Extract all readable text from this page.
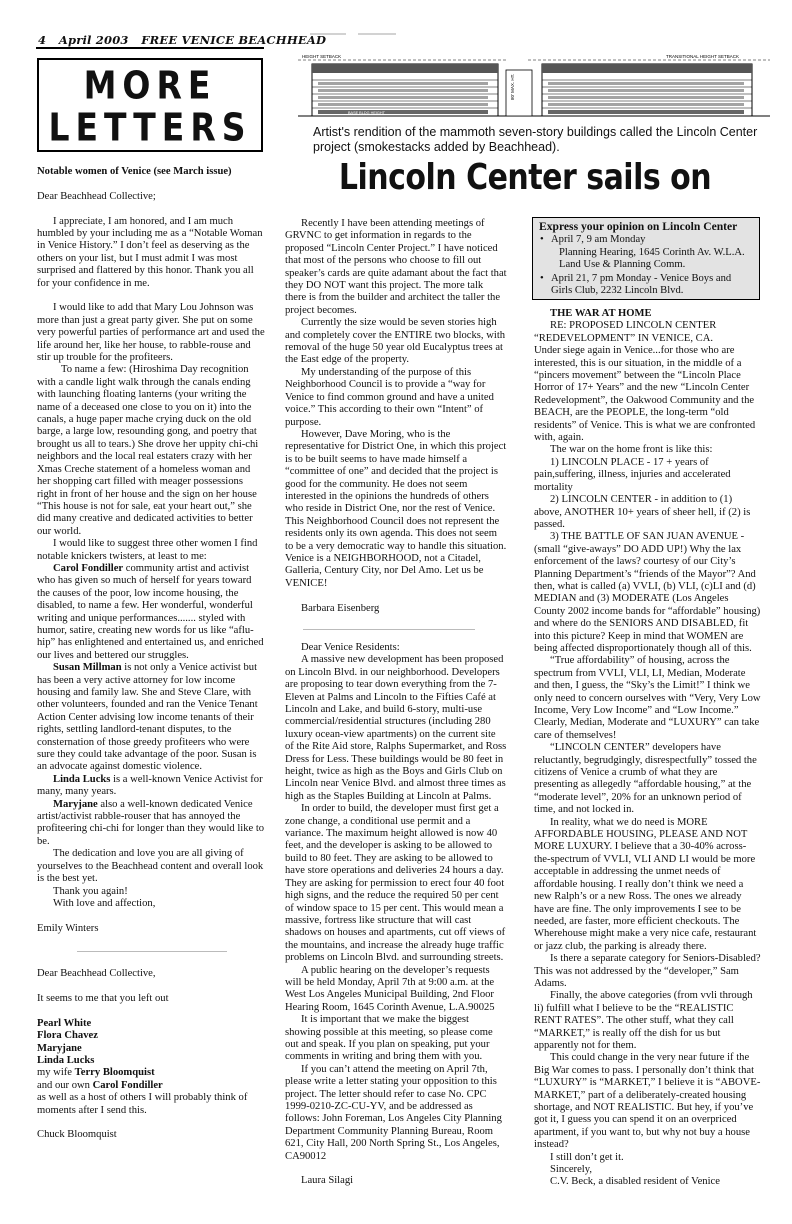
4 April 2003 FREE VENICE BEACHHEAD
MORE
LETTERS
80' MAX. HT.
HEIGHT SETBACK	TRANSITIONAL HEIGHT SETBACK
BASE BLDG HEIGHT
Artist's rendition of the mammoth seven-story buildings called the Lincoln Center project (smokestacks added by Beachhead).
Lincoln Center sails on

Notable women of Venice (see March issue)

Dear Beachhead Collective;

I appreciate, I am honored, and I am much humbled by your including me as a “Notable Woman in Venice History.” I don’t feel as deserving as the others on your list, but I must admit I was most surprised and flattered by this honor. Thank you all for your confidence in me.

I would like to add that Mary Lou Johnson was more than just a great party giver. She put on some very powerful parties of performance art and used the life around her, like her house, to rabble-rouse and stir up trouble for the profiteers.

To name a few: (Hiroshima Day recognition with a candle light walk through the canals ending with launching floating lanterns (your writing the name of a deceased one close to you on it) into the canals, a huge paper mache crying duck on the old barge, a large low, resounding gong, and poetry that brought us all to tears.) She drove her uppity chi-chi neighbors and the local real estaters crazy with her Xmas Creche statement of a homeless woman and her shopping cart filled with meager possessions right in front of her house and the sign on her house “This house is not for sale, eat your heart out,” she did many creative and dedicated activities to better our world.

I would like to suggest three other women I find notable knickers twisters, at least to me:

Carol Fondiller community artist and activist who has given so much of herself for years toward the causes of the poor, low income housing, the disabled, to name a few. Her wonderful, wonderful writing and unique performances....... styled with humor, satire, creating new words for us like “aflu-hip” has enlightened and entertained us, and enriched our lives and bettered our struggles.

Susan Millman is not only a Venice activist but has been a very active attorney for low income housing and family law. She and Steve Clare, with other volunteers, founded and ran the Venice Tenant Action Center advising low income tenants of their rights, settling landlord-tenant disputes, to the consternation of those greedy profiteers who were sure they could take advantage of the poor. Susan is an advocate against domestic violence.

Linda Lucks is a well-known Venice Activist for many, many years.

Maryjane also a well-known dedicated Venice artist/activist rabble-rouser that has annoyed the profiteering chi-chi for longer than they would like to be.

The dedication and love you are all giving of yourselves to the Beachhead content and overall look is the best yet.

Thank you again!

With love and affection,

Emily Winters

Dear Beachhead Collective,

It seems to me that you left out

Pearl White

Flora Chavez

Maryjane

Linda Lucks

my wife Terry Bloomquist

and our own Carol Fondiller

as well as a host of others I will probably think of moments after I send this.

Chuck Bloomquist

Recently I have been attending meetings of GRVNC to get information in regards to the proposed “Lincoln Center Project.” I have noticed that most of the persons who choose to fill out speaker’s cards are quite adamant about the fact that they DO NOT want this project. The more talk there is from the builder and architect the taller the project becomes.

Currently the size would be seven stories high and completely cover the ENTIRE two blocks, with removal of the huge 50 year old Eucalyptus trees at the East edge of the property.

My understanding of the purpose of this Neighborhood Council is to provide a “way for Venice to find common ground and have a united voice.” This according to their own “Intent” of purpose.

However, Dave Moring, who is the representative for District One, in which this project is to be built seems to have made himself a “committee of one” and decided that the project is good for the community. He does not seem interested in the opinions the hundreds of others who reside in District One, nor the rest of Venice. This Neighborhood Council does not represent the residents only its own agenda. This does not seem to be a very democratic way to handle this situation. Venice is a NEIGHBORHOOD, not a Citadel, Galleria, Century City, nor Del Amo. Let us be VENICE!

Barbara Eisenberg

Dear Venice Residents:

A massive new development has been proposed on Lincoln Blvd. in our neighborhood. Developers are proposing to tear down everything from the 7-Eleven at Palms and Lincoln to the Fifties Café at Lincoln and Lake, and build 6-story, multi-use commercial/residential structures (including 280 luxury ocean-view apartments) on the current site of the Rite Aid store, Ralphs Supermarket, and Ross Dress for Less. These buildings would be 80 feet in height, twice as high as the Boys and Girls Club on Lincoln near Venice Blvd. and almost three times as high as the Staples Building at Lincoln at Palms.

In order to build, the developer must first get a zone change, a conditional use permit and a variance. The maximum height allowed is now 40 feet, and the developer is asking to be allowed to build to 80 feet. They are asking to be allowed to have store operations and deliveries 24 hours a day. They are asking for permission to erect four 40 foot high signs, and the reduce the required 50 per cent of window space to 15 per cent. This would mean a massive, fortress like structure that will cast shadows on houses and apartments, cut off views of the mountains, and increase the already huge traffic problems on Lincoln Blvd. and surrounding streets.

A public hearing on the developer’s requests will be held Monday, April 7th at 9:00 a.m. at the West Los Angeles Municipal Building, 2nd Floor Hearing Room, 1645 Corinth Avenue, L.A.90025

It is important that we make the biggest showing possible at this meeting, so please come out and speak. If you plan on speaking, put your comments in writing and bring them with you.

If you can’t attend the meeting on April 7th, please write a letter stating your opposition to this project. The letter should refer to case No. CPC 1999-0210-ZC-CU-YV, and be addressed as follows: John Foreman, Los Angeles City Planning Department Community Planning Bureau, Room 621, City Hall, 200 North Spring St., Los Angeles, CA90012

Laura Silagi

Express your opinion on Lincoln Center
• April 7, 9 am Monday
Planning Hearing, 1645 Corinth Av. W.L.A.
Land Use & Planning Comm.
• April 21, 7 pm Monday - Venice Boys and
Girls Club, 2232 Lincoln Blvd.

THE WAR AT HOME

RE: PROPOSED LINCOLN CENTER “REDEVELOPMENT” IN VENICE, CA.

Under siege again in Venice...for those who are interested, this is our situation, in the middle of a “pincers movement” between the “Lincoln Place Horror of 17+ Years” and the new “Lincoln Center Redevelopment”, the Oakwood Community and the BEACH, are the PEOPLE, the long-term “old residents” of Venice. This is what we are confronted with, again.

The war on the home front is like this:

1) LINCOLN PLACE - 17 + years of pain,suffering, illness, injuries and accelerated mortality

2) LINCOLN CENTER - in addition to (1) above, ANOTHER 10+ years of sheer hell, if (2) is passed.

3) THE BATTLE OF SAN JUAN AVENUE - (small “give-aways” DO ADD UP!) Why the lax enforcement of the laws? courtesy of our City’s Planning Department’s “friends of the Mayor”? And then, what is called (a) VVLI, (b) VLI, (c)LI and (d) MEDIAN and (3) MODERATE (Los Angeles County 2002 income bands for “affordable” housing) and where do the SENIORS AND DISABLED, fit into this picture? Keep in mind that WOMEN are being affected disproportionately though all of this.

“True affordability” of housing, across the spectrum from VVLI, VLI, LI, Median, Moderate and then, I guess, the “Sky’s the Limit!” I think we only need to concern ourselves with “Very, Very Low Income, Very Low Income” and “Low Income.” Clearly, Median, Moderate and “LUXURY” can take care of themselves!

“LINCOLN CENTER” developers have reluctantly, begrudgingly, disrespectfully” tossed the citizens of Venice a crumb of what they are presenting as allegedly “affordable housing,” at the “moderate level”, 20% for an unknown period of time, and not locked in.

In reality, what we do need is MORE AFFORDABLE HOUSING, PLEASE AND NOT MORE LUXURY. I believe that a 30-40% across-the-spectrum of VVLI, VLI AND LI would be more acceptable in addressing the unmet needs of affordable housing. I really don’t think we need a new Ralph’s or a new Ross. The ones we already have are fine. The only improvements I see to be needed, are faster, more efficient checkouts. The Wherehouse might make a very nice cafe, restaurant or jazz club, the parking is already there.

Is there a separate category for Seniors-Disabled? This was not addressed by the “developer,” Sam Adams.

Finally, the above categories (from vvli through li) fulfill what I believe to be the “REALISTIC RENT RATES”. The other stuff, what they call “MARKET,” is really off the dish for us but apparently not for them.

This could change in the very near future if the Big War comes to pass. I personally don’t think that “LUXURY” is “MARKET,” I believe it is “ABOVE-MARKET,” part of a deliberately-created housing shortage, and NOT REALISTIC. But hey, if you’ve got it, I guess you can spend it on an overpriced apartment, if you want to, but why not buy a house instead?

I still don’t get it.

Sincerely,

C.V. Beck, a disabled resident of Venice
